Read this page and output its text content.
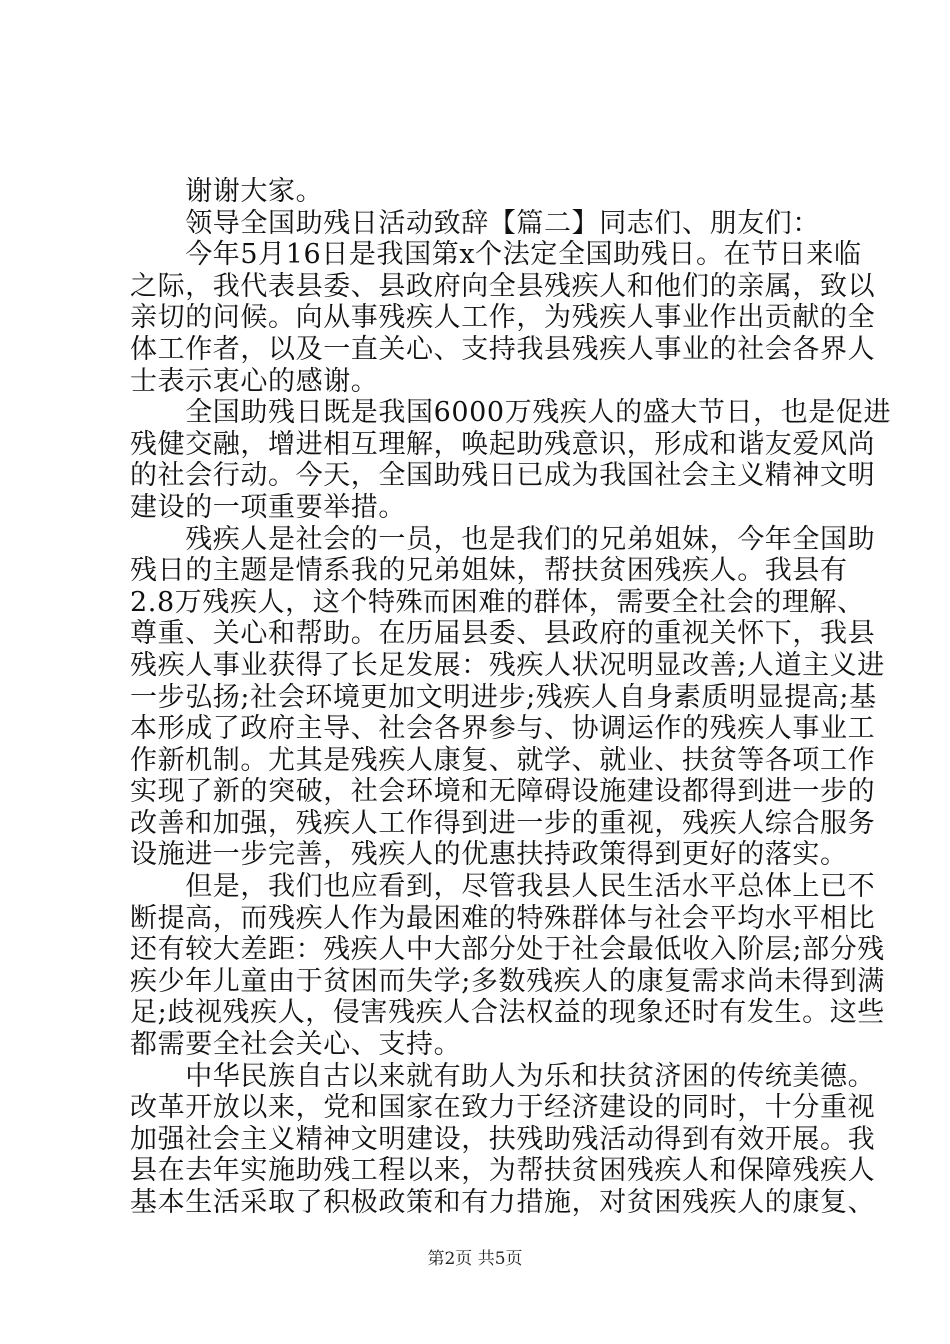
　　谢谢大家。
　　领导全国助残日活动致辞【篇二】同志们、朋友们：
　　今年5月16日是我国第x个法定全国助残日。在节日来临
之际，我代表县委、县政府向全县残疾人和他们的亲属，致以
亲切的问候。向从事残疾人工作，为残疾人事业作出贡献的全
体工作者，以及一直关心、支持我县残疾人事业的社会各界人
士表示衷心的感谢。
　　全国助残日既是我国6000万残疾人的盛大节日，也是促进
残健交融，增进相互理解，唤起助残意识，形成和谐友爱风尚
的社会行动。今天，全国助残日已成为我国社会主义精神文明
建设的一项重要举措。
　　残疾人是社会的一员，也是我们的兄弟姐妹，今年全国助
残日的主题是情系我的兄弟姐妹，帮扶贫困残疾人。我县有
2.8万残疾人，这个特殊而困难的群体，需要全社会的理解、
尊重、关心和帮助。在历届县委、县政府的重视关怀下，我县
残疾人事业获得了长足发展：残疾人状况明显改善;人道主义进
一步弘扬;社会环境更加文明进步;残疾人自身素质明显提高;基
本形成了政府主导、社会各界参与、协调运作的残疾人事业工
作新机制。尤其是残疾人康复、就学、就业、扶贫等各项工作
实现了新的突破，社会环境和无障碍设施建设都得到进一步的
改善和加强，残疾人工作得到进一步的重视，残疾人综合服务
设施进一步完善，残疾人的优惠扶持政策得到更好的落实。
　　但是，我们也应看到，尽管我县人民生活水平总体上已不
断提高，而残疾人作为最困难的特殊群体与社会平均水平相比
还有较大差距：残疾人中大部分处于社会最低收入阶层;部分残
疾少年儿童由于贫困而失学;多数残疾人的康复需求尚未得到满
足;歧视残疾人，侵害残疾人合法权益的现象还时有发生。这些
都需要全社会关心、支持。
　　中华民族自古以来就有助人为乐和扶贫济困的传统美德。
改革开放以来，党和国家在致力于经济建设的同时，十分重视
加强社会主义精神文明建设，扶残助残活动得到有效开展。我
县在去年实施助残工程以来，为帮扶贫困残疾人和保障残疾人
基本生活采取了积极政策和有力措施，对贫困残疾人的康复、
第2页 共5页
